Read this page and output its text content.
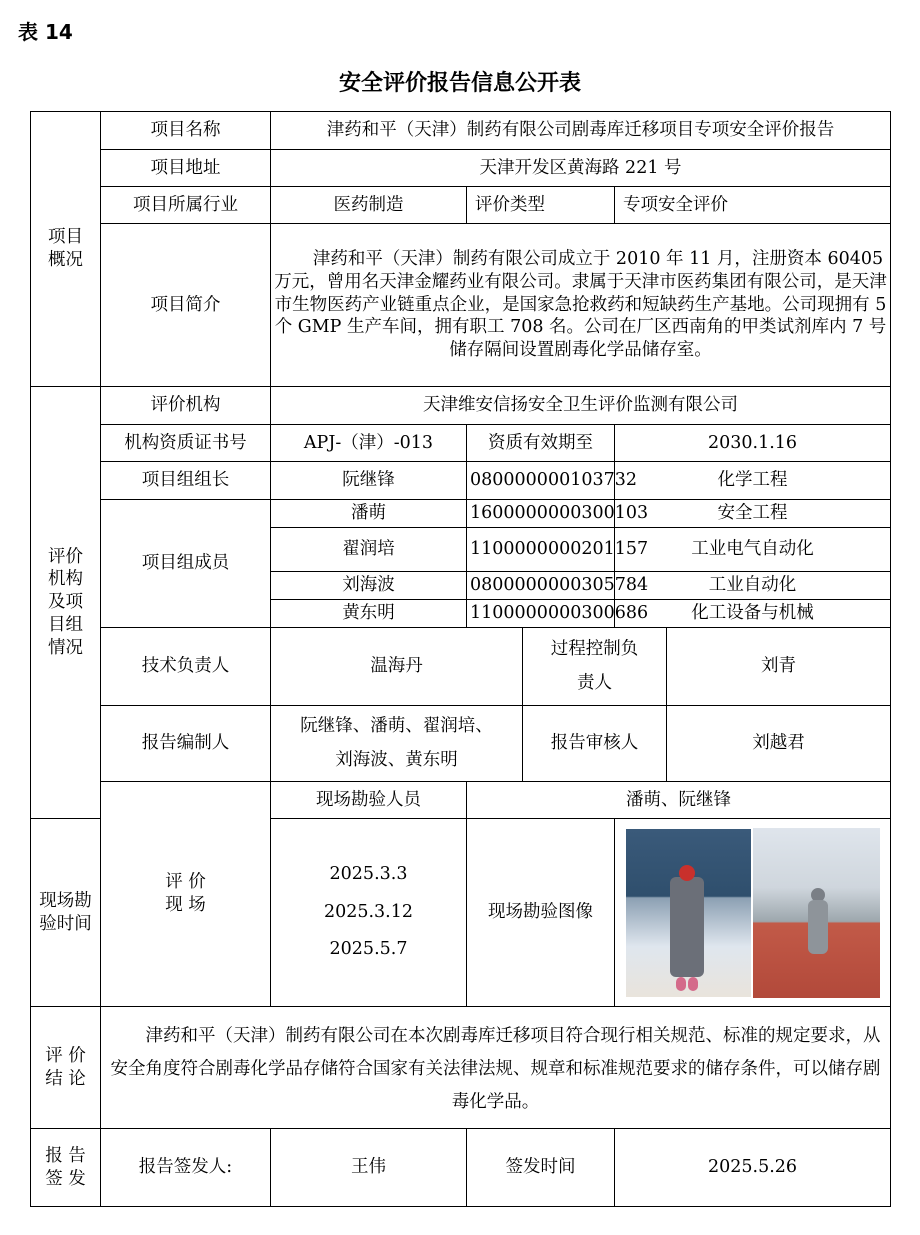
表 14
安全评价报告信息公开表
项目
概况	项目名称	津药和平（天津）制药有限公司剧毒库迁移项目专项安全评价报告				
	项目地址	天津开发区黄海路 221 号				
	项目所属行业	医药制造	评价类型		专项安全评价	
	项目简介	津药和平（天津）制药有限公司成立于 2010 年 11 月，注册资本 60405 万元，曾用名天津金耀药业有限公司。隶属于天津市医药集团有限公司，是天津市生物医药产业链重点企业，是国家急抢救药和短缺药生产基地。公司现拥有 5 个 GMP 生产车间，拥有职工 708 名。公司在厂区西南角的甲类试剂库内 7 号储存隔间设置剧毒化学品储存室。				

评价
机构
及项
目组
情况	评价机构	天津维安信扬安全卫生评价监测有限公司				
	机构资质证书号	APJ-（津）-013	资质有效期至		2030.1.16	
	项目组组长	阮继锋	080000000103732		化学工程	
	项目组成员	潘萌	1600000000300103		安全工程	
		翟润培	1100000000201157		工业电气自动化	
		刘海波	0800000000305784		工业自动化	
		黄东明	1100000000300686		化工设备与机械	
	技术负责人	温海丹		过程控制负
责人		刘青
	报告编制人	阮继锋、潘萌、翟润培、
刘海波、黄东明		报告审核人		刘越君
	评 价
现 场	现场勘验人员	潘萌、阮继锋			
现场勘验时间		2025.3.3
2025.3.12
2025.5.7	现场勘验图像			

评 价
结 论	津药和平（天津）制药有限公司在本次剧毒库迁移项目符合现行相关规范、标准的规定要求，从安全角度符合剧毒化学品存储符合国家有关法律法规、规章和标准规范要求的储存条件，可以储存剧毒化学品。					

报 告
签 发	报告签发人:	王伟	签发时间		2025.5.26	
